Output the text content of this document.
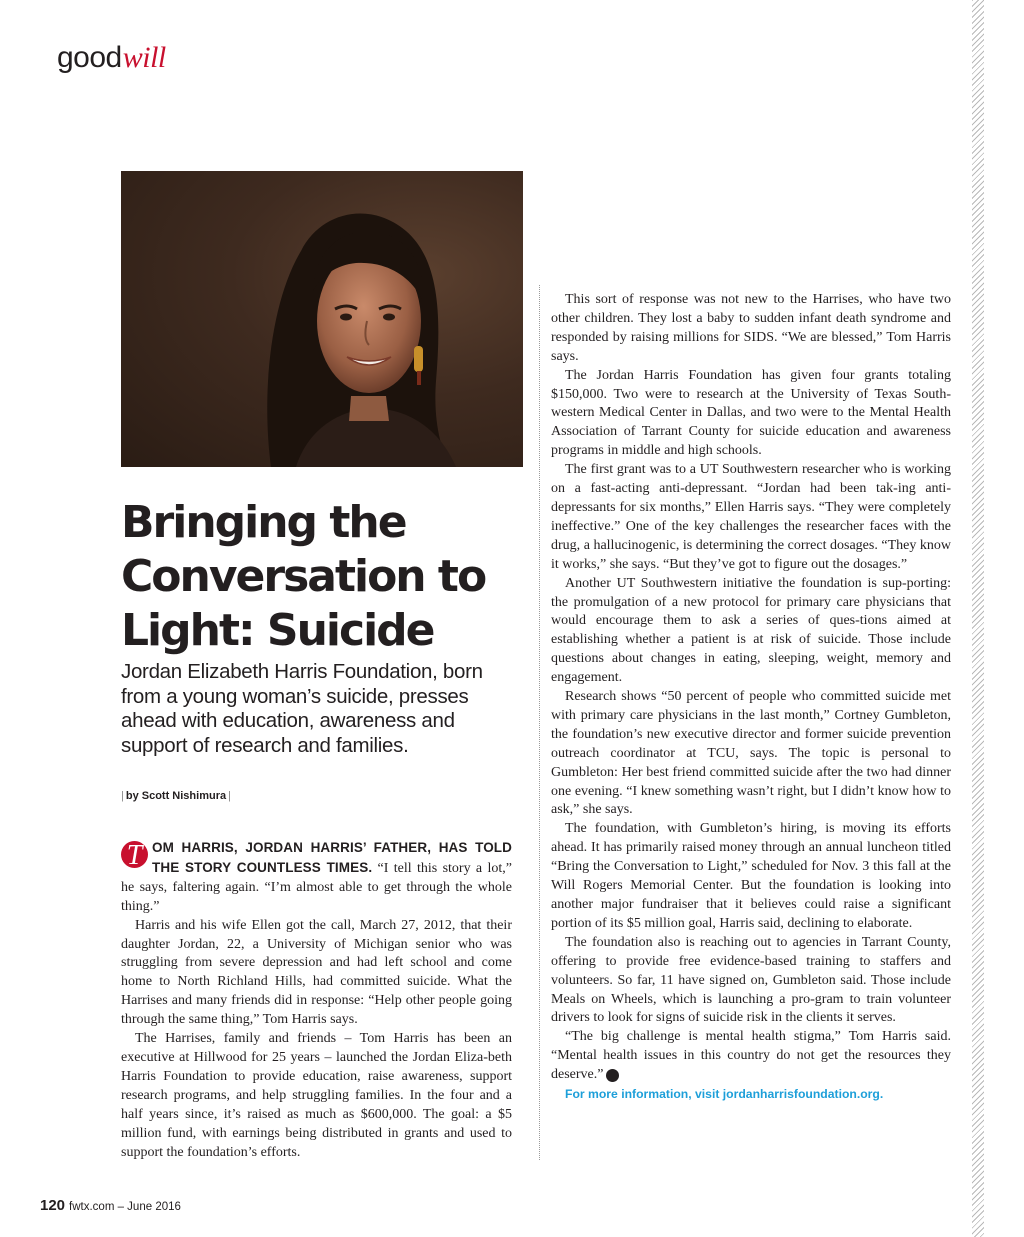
goodwill
Bringing the Conversation to Light: Suicide

Jordan Elizabeth Harris Foundation, born from a young woman’s suicide, presses ahead with education, awareness and support of research and families.

| by Scott Nishimura |

T OM HARRIS, JORDAN HARRIS’ FATHER, HAS TOLD THE STORY COUNTLESS TIMES. “I tell this story a lot,” he says, faltering again. “I’m almost able to get through the whole thing.”

Harris and his wife Ellen got the call, March 27, 2012, that their daughter Jordan, 22, a University of Michigan senior who was struggling from severe depression and had left school and come home to North Richland Hills, had committed suicide. What the Harrises and many friends did in response: “Help other people going through the same thing,” Tom Harris says.

The Harrises, family and friends – Tom Harris has been an executive at Hillwood for 25 years – launched the Jordan Eliza-beth Harris Foundation to provide education, raise awareness, support research programs, and help struggling families. In the four and a half years since, it’s raised as much as $600,000. The goal: a $5 million fund, with earnings being distributed in grants and used to support the foundation’s efforts.

This sort of response was not new to the Harrises, who have two other children. They lost a baby to sudden infant death syndrome and responded by raising millions for SIDS. “We are blessed,” Tom Harris says.

The Jordan Harris Foundation has given four grants totaling $150,000. Two were to research at the University of Texas South-western Medical Center in Dallas, and two were to the Mental Health Association of Tarrant County for suicide education and awareness programs in middle and high schools.

The first grant was to a UT Southwestern researcher who is working on a fast-acting anti-depressant. “Jordan had been tak-ing anti-depressants for six months,” Ellen Harris says. “They were completely ineffective.” One of the key challenges the researcher faces with the drug, a hallucinogenic, is determining the correct dosages. “They know it works,” she says. “But they’ve got to figure out the dosages.”

Another UT Southwestern initiative the foundation is sup-porting: the promulgation of a new protocol for primary care physicians that would encourage them to ask a series of ques-tions aimed at establishing whether a patient is at risk of suicide. Those include questions about changes in eating, sleeping, weight, memory and engagement.

Research shows “50 percent of people who committed suicide met with primary care physicians in the last month,” Cortney Gumbleton, the foundation’s new executive director and former suicide prevention outreach coordinator at TCU, says. The topic is personal to Gumbleton: Her best friend committed suicide after the two had dinner one evening. “I knew something wasn’t right, but I didn’t know how to ask,” she says.

The foundation, with Gumbleton’s hiring, is moving its efforts ahead. It has primarily raised money through an annual luncheon titled “Bring the Conversation to Light,” scheduled for Nov. 3 this fall at the Will Rogers Memorial Center. But the foundation is looking into another major fundraiser that it believes could raise a significant portion of its $5 million goal, Harris said, declining to elaborate.

The foundation also is reaching out to agencies in Tarrant County, offering to provide free evidence-based training to staffers and volunteers. So far, 11 have signed on, Gumbleton said. Those include Meals on Wheels, which is launching a pro-gram to train volunteer drivers to look for signs of suicide risk in the clients it serves.

“The big challenge is mental health stigma,” Tom Harris said. “Mental health issues in this country do not get the resources they deserve.” fw

For more information, visit jordanharrisfoundation.org.

120 fwtx.com – June 2016
